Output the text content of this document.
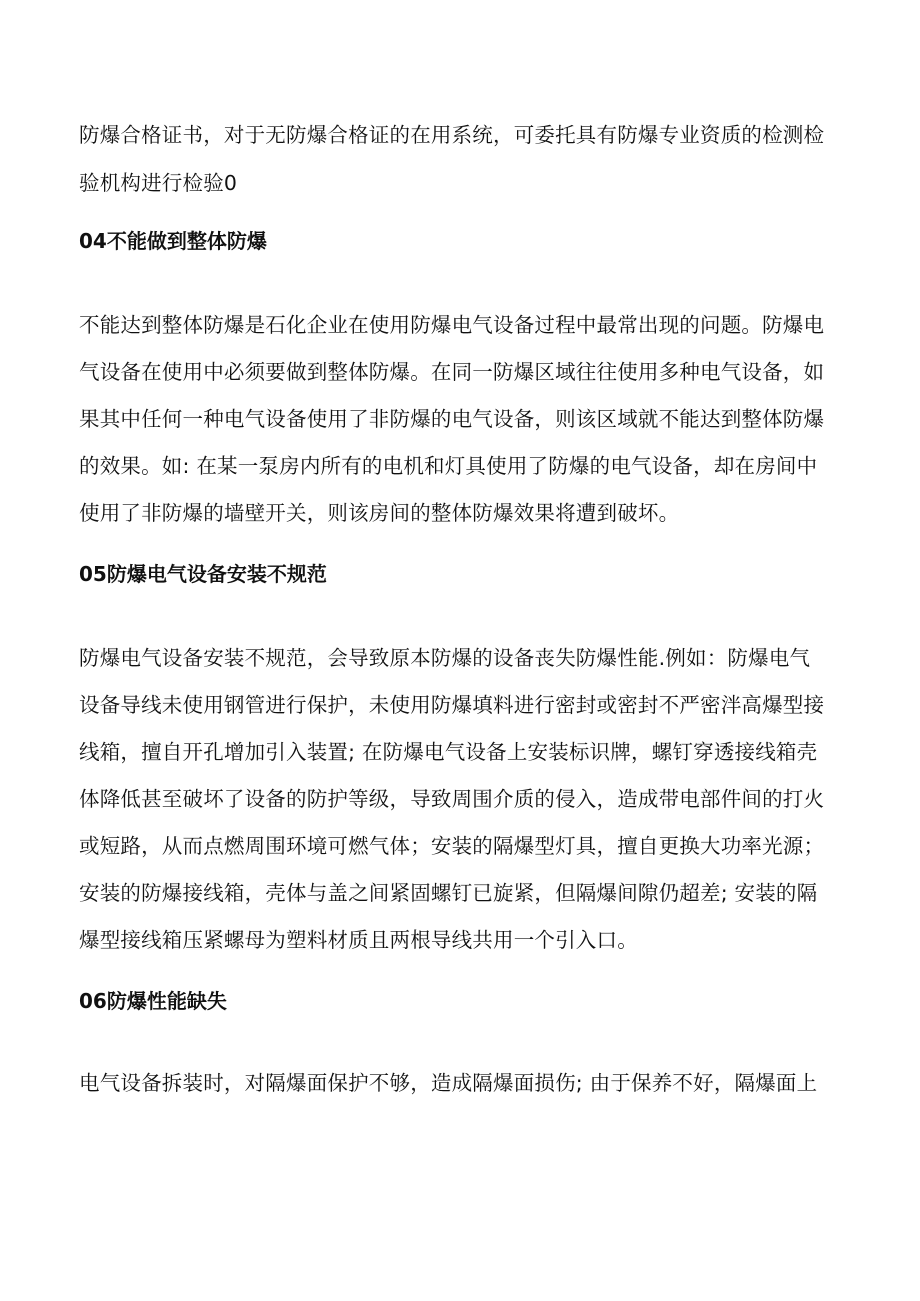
防爆合格证书，对于无防爆合格证的在用系统，可委托具有防爆专业资质的检测检
验机构进行检验0
04不能做到整体防爆
不能达到整体防爆是石化企业在使用防爆电气设备过程中最常出现的问题。防爆电
气设备在使用中必须要做到整体防爆。在同一防爆区域往往使用多种电气设备，如
果其中任何一种电气设备使用了非防爆的电气设备，则该区域就不能达到整体防爆
的效果。如: 在某一泵房内所有的电机和灯具使用了防爆的电气设备，却在房间中
使用了非防爆的墙壁开关，则该房间的整体防爆效果将遭到破坏。
05防爆电气设备安装不规范
防爆电气设备安装不规范，会导致原本防爆的设备丧失防爆性能.例如：防爆电气
设备导线未使用钢管进行保护，未使用防爆填料进行密封或密封不严密泮高爆型接
线箱，擅自开孔增加引入装置; 在防爆电气设备上安装标识牌，螺钉穿透接线箱壳
体降低甚至破坏了设备的防护等级，导致周围介质的侵入，造成带电部件间的打火
或短路，从而点燃周围环境可燃气体；安装的隔爆型灯具，擅自更换大功率光源；
安装的防爆接线箱，壳体与盖之间紧固螺钉已旋紧，但隔爆间隙仍超差; 安装的隔
爆型接线箱压紧螺母为塑料材质且两根导线共用一个引入口。
06防爆性能缺失
电气设备拆装时，对隔爆面保护不够，造成隔爆面损伤; 由于保养不好，隔爆面上
